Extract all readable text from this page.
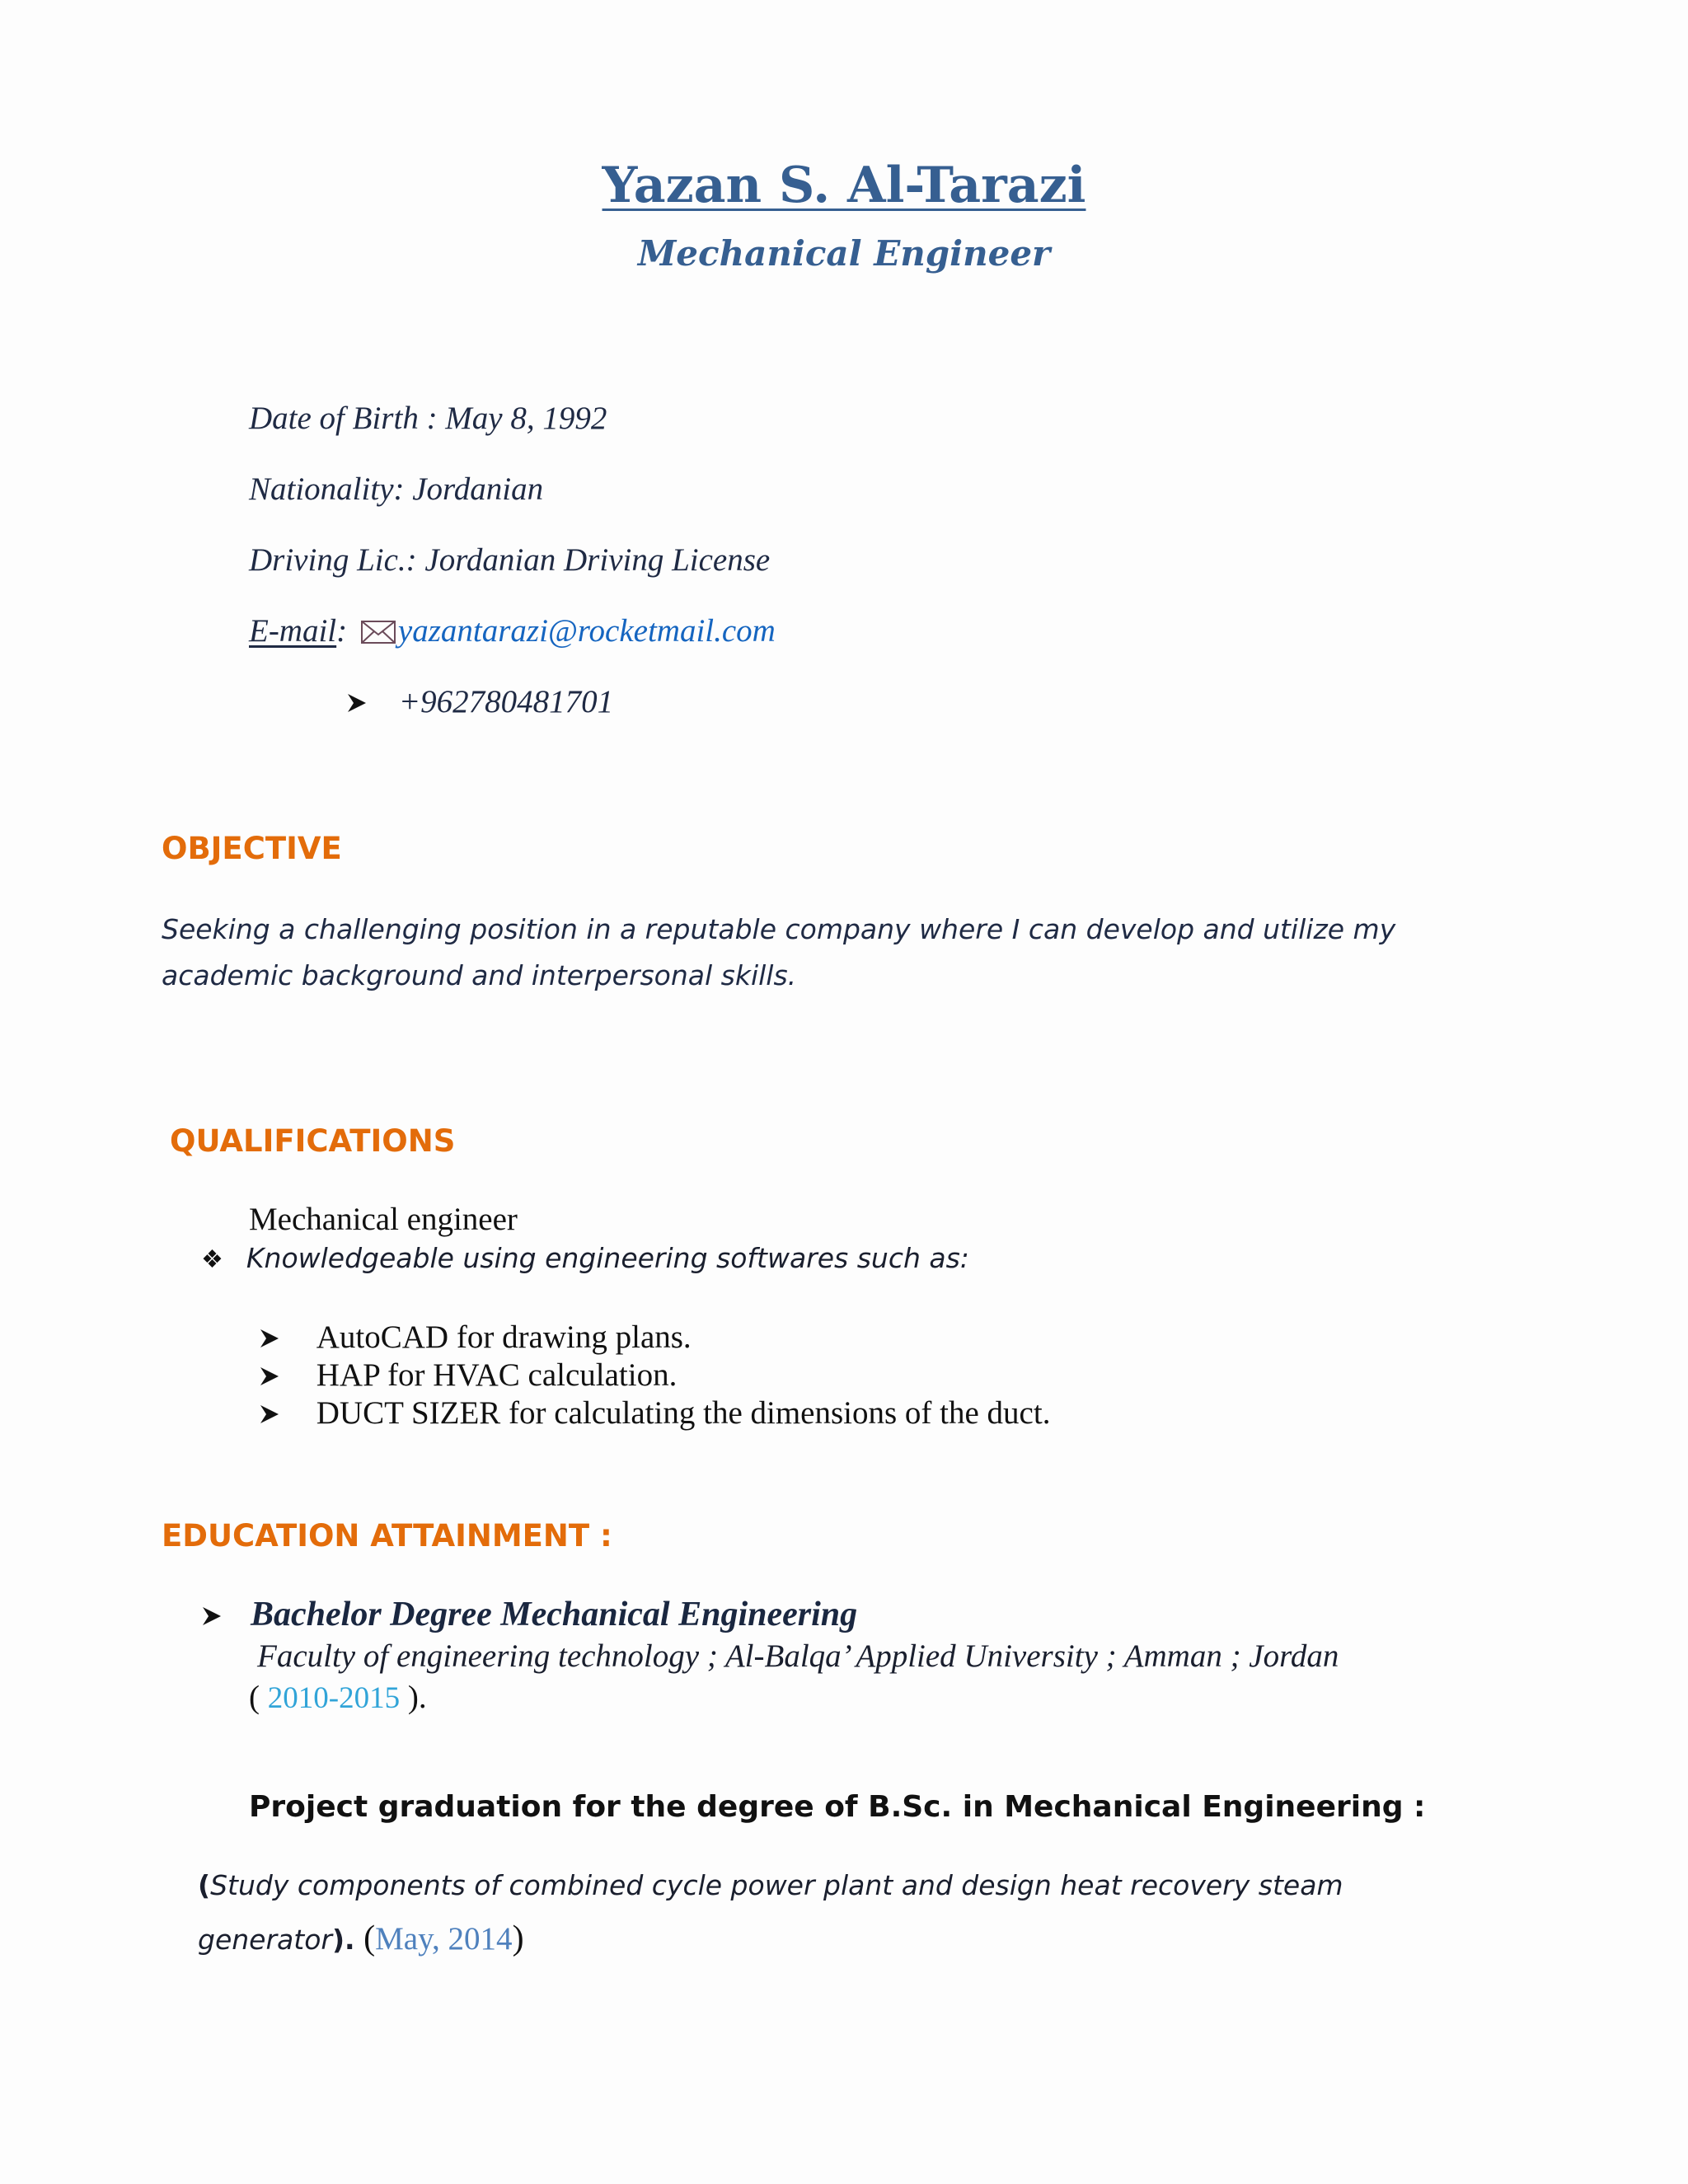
Yazan S. Al-Tarazi
Mechanical Engineer
Date of Birth : May 8, 1992
Nationality: Jordanian
Driving Lic.: Jordanian Driving License
E-mail: yazantarazi@rocketmail.com
+962780481701
OBJECTIVE
Seeking a challenging position in a reputable company where I can develop and utilize my academic background and interpersonal skills.
QUALIFICATIONS
Mechanical engineer
❖ Knowledgeable using engineering softwares such as:
AutoCAD for drawing plans.
HAP for HVAC calculation.
DUCT SIZER for calculating the dimensions of the duct.
EDUCATION ATTAINMENT :
Bachelor Degree Mechanical Engineering
Faculty of engineering technology ; Al-Balqa’ Applied University ; Amman ; Jordan
( 2010-2015 ).
Project graduation for the degree of B.Sc. in Mechanical Engineering :
(Study components of combined cycle power plant and design heat recovery steam generator). (May, 2014)
